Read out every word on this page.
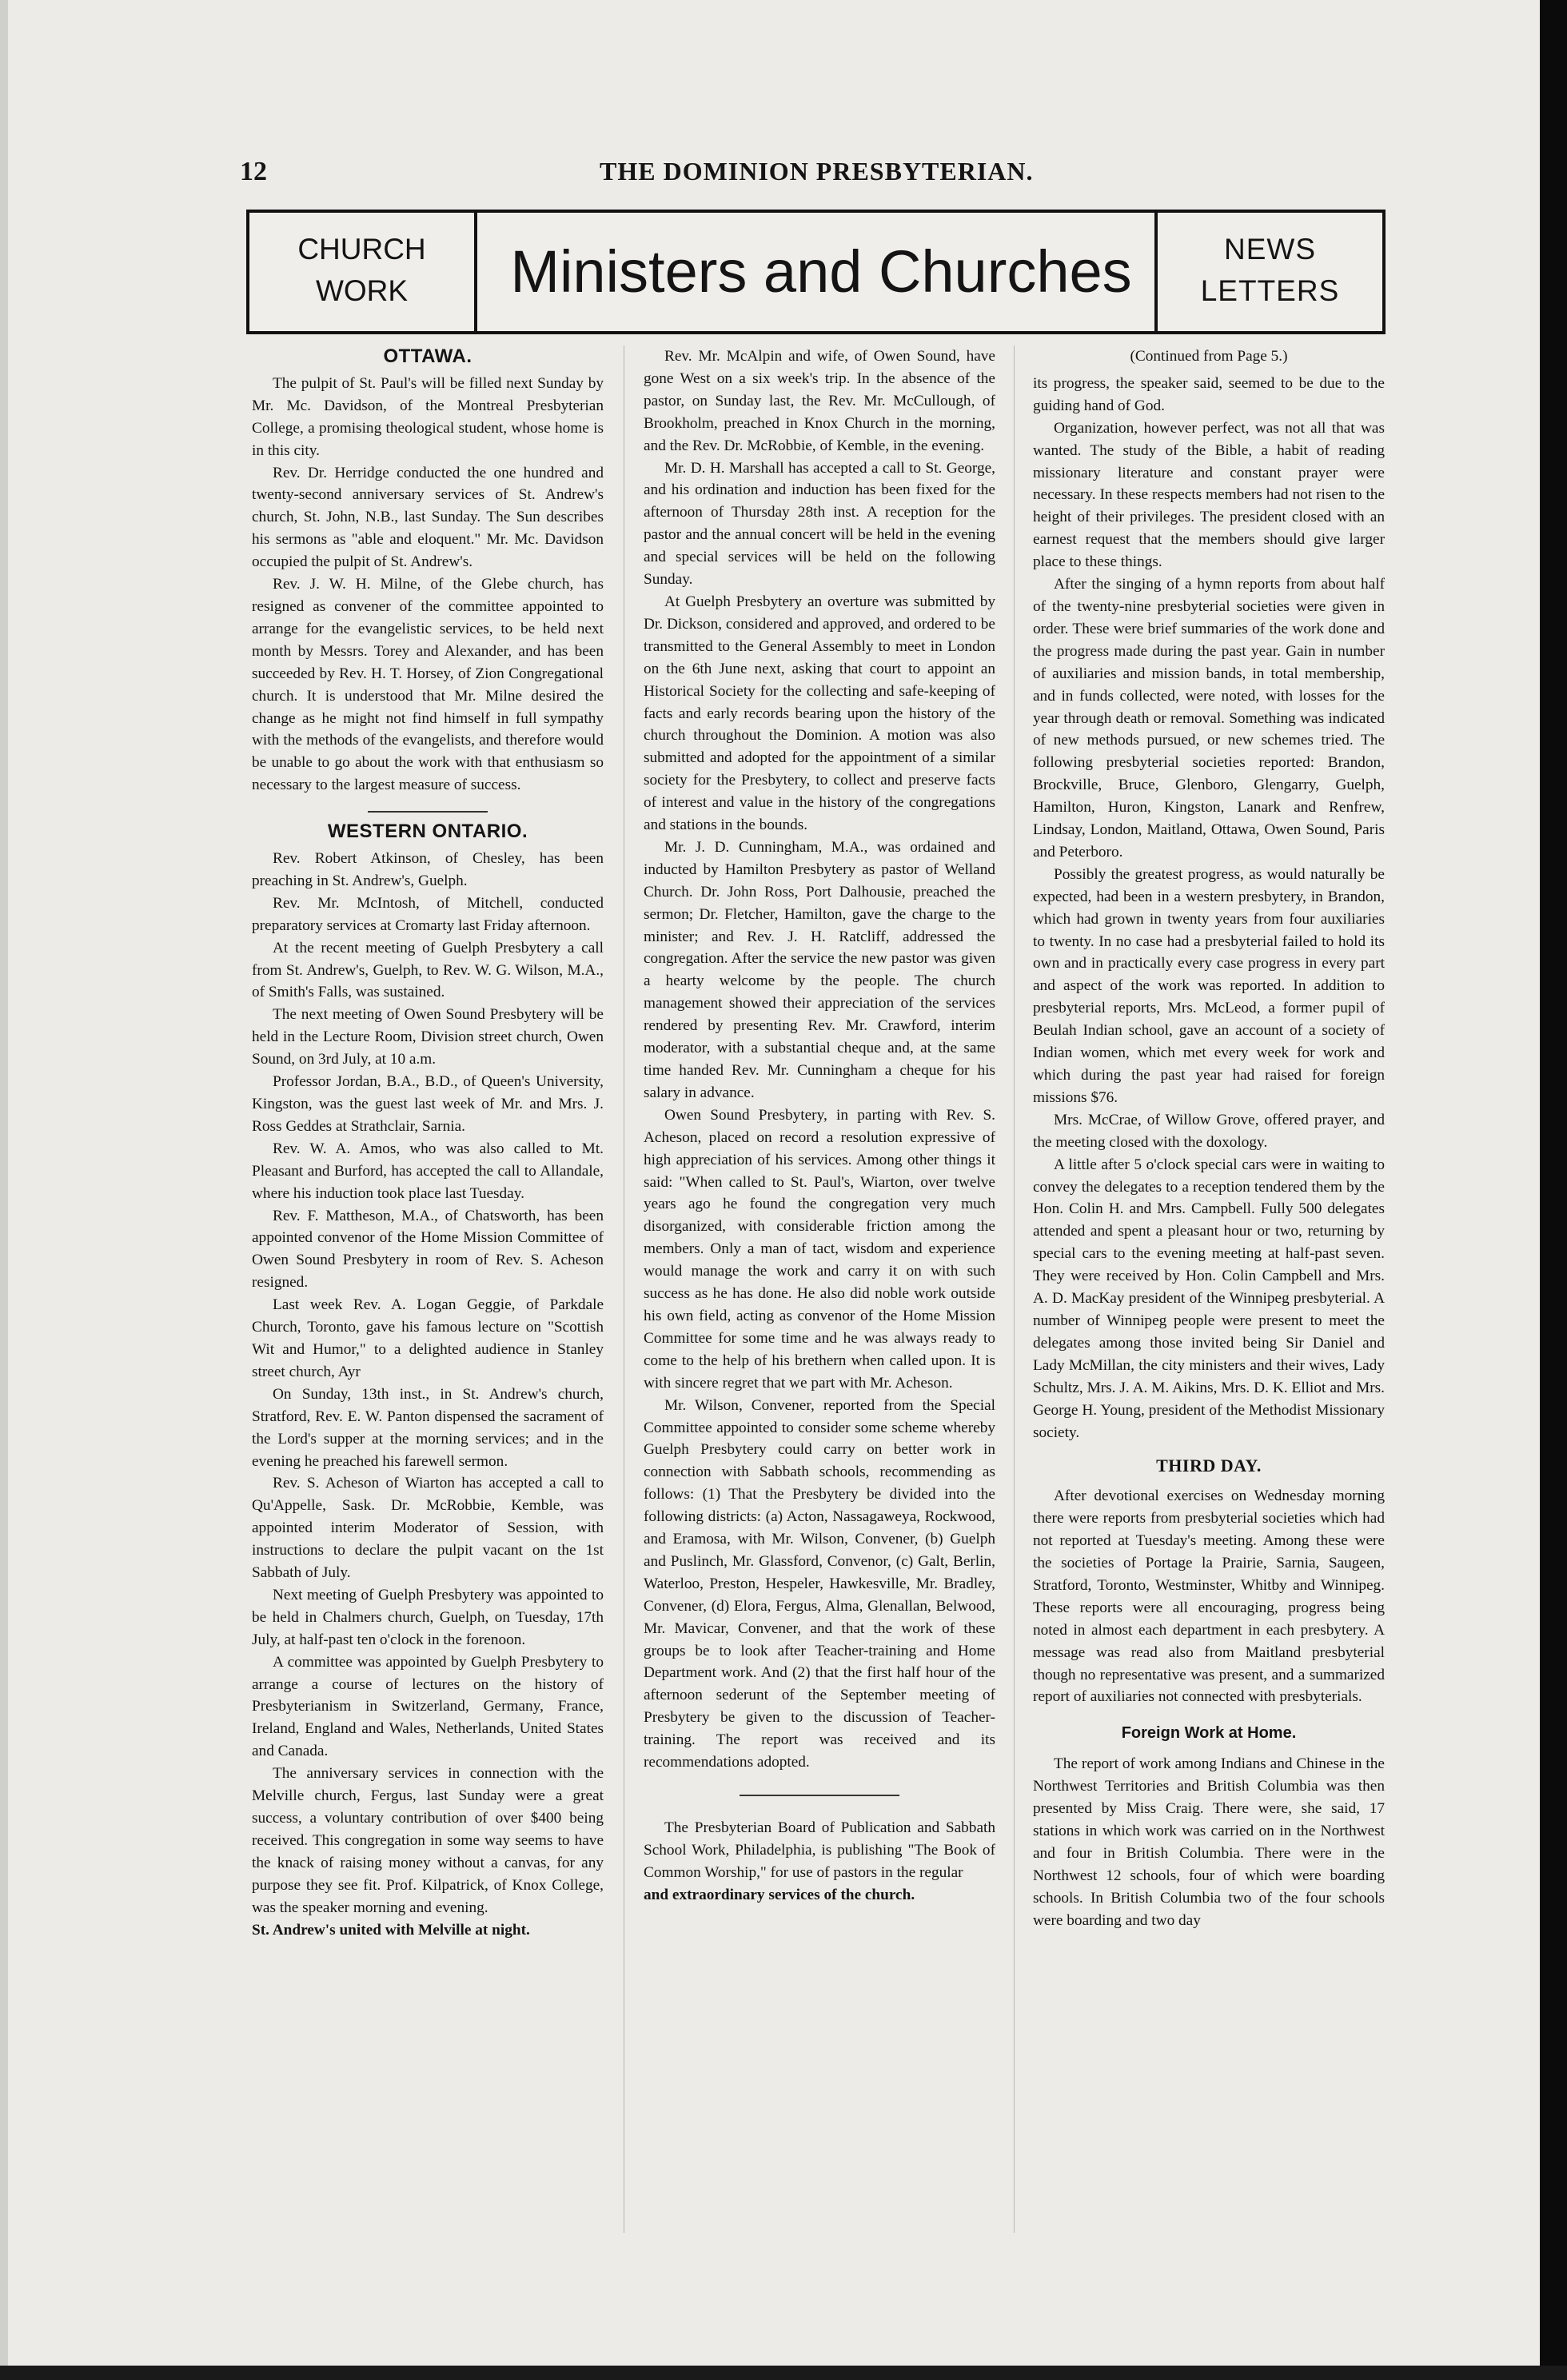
12	THE DOMINION PRESBYTERIAN.
CHURCH
WORK	Ministers and Churches	NEWS
LETTERS
OTTAWA.

The pulpit of St. Paul's will be filled next Sunday by Mr. Mc. Davidson, of the Montreal Presbyterian College, a promising theological student, whose home is in this city.

Rev. Dr. Herridge conducted the one hundred and twenty-second anniversary services of St. Andrew's church, St. John, N.B., last Sunday. The Sun describes his sermons as "able and eloquent." Mr. Mc. Davidson occupied the pulpit of St. Andrew's.

Rev. J. W. H. Milne, of the Glebe church, has resigned as convener of the committee appointed to arrange for the evangelistic services, to be held next month by Messrs. Torey and Alexander, and has been succeeded by Rev. H. T. Horsey, of Zion Congregational church. It is understood that Mr. Milne desired the change as he might not find himself in full sympathy with the methods of the evangelists, and therefore would be unable to go about the work with that enthusiasm so necessary to the largest measure of success.

WESTERN ONTARIO.

Rev. Robert Atkinson, of Chesley, has been preaching in St. Andrew's, Guelph.

Rev. Mr. McIntosh, of Mitchell, conducted preparatory services at Cromarty last Friday afternoon.

At the recent meeting of Guelph Presbytery a call from St. Andrew's, Guelph, to Rev. W. G. Wilson, M.A., of Smith's Falls, was sustained.

The next meeting of Owen Sound Presbytery will be held in the Lecture Room, Division street church, Owen Sound, on 3rd July, at 10 a.m.

Professor Jordan, B.A., B.D., of Queen's University, Kingston, was the guest last week of Mr. and Mrs. J. Ross Geddes at Strathclair, Sarnia.

Rev. W. A. Amos, who was also called to Mt. Pleasant and Burford, has accepted the call to Allandale, where his induction took place last Tuesday.

Rev. F. Mattheson, M.A., of Chatsworth, has been appointed convenor of the Home Mission Committee of Owen Sound Presbytery in room of Rev. S. Acheson resigned.

Last week Rev. A. Logan Geggie, of Parkdale Church, Toronto, gave his famous lecture on "Scottish Wit and Humor," to a delighted audience in Stanley street church, Ayr

On Sunday, 13th inst., in St. Andrew's church, Stratford, Rev. E. W. Panton dispensed the sacrament of the Lord's supper at the morning services; and in the evening he preached his farewell sermon.

Rev. S. Acheson of Wiarton has accepted a call to Qu'Appelle, Sask. Dr. McRobbie, Kemble, was appointed interim Moderator of Session, with instructions to declare the pulpit vacant on the 1st Sabbath of July.

Next meeting of Guelph Presbytery was appointed to be held in Chalmers church, Guelph, on Tuesday, 17th July, at half-past ten o'clock in the forenoon.

A committee was appointed by Guelph Presbytery to arrange a course of lectures on the history of Presbyterianism in Switzerland, Germany, France, Ireland, England and Wales, Netherlands, United States and Canada.

The anniversary services in connection with the Melville church, Fergus, last Sunday were a great success, a voluntary contribution of over $400 being received. This congregation in some way seems to have the knack of raising money without a canvas, for any purpose they see fit. Prof. Kilpatrick, of Knox College, was the speaker morning and evening.

St. Andrew's united with Melville at night.

Rev. Mr. McAlpin and wife, of Owen Sound, have gone West on a six week's trip. In the absence of the pastor, on Sunday last, the Rev. Mr. McCullough, of Brookholm, preached in Knox Church in the morning, and the Rev. Dr. McRobbie, of Kemble, in the evening.

Mr. D. H. Marshall has accepted a call to St. George, and his ordination and induction has been fixed for the afternoon of Thursday 28th inst. A reception for the pastor and the annual concert will be held in the evening and special services will be held on the following Sunday.

At Guelph Presbytery an overture was submitted by Dr. Dickson, considered and approved, and ordered to be transmitted to the General Assembly to meet in London on the 6th June next, asking that court to appoint an Historical Society for the collecting and safe-keeping of facts and early records bearing upon the history of the church throughout the Dominion. A motion was also submitted and adopted for the appointment of a similar society for the Presbytery, to collect and preserve facts of interest and value in the history of the congregations and stations in the bounds.

Mr. J. D. Cunningham, M.A., was ordained and inducted by Hamilton Presbytery as pastor of Welland Church. Dr. John Ross, Port Dalhousie, preached the sermon; Dr. Fletcher, Hamilton, gave the charge to the minister; and Rev. J. H. Ratcliff, addressed the congregation. After the service the new pastor was given a hearty welcome by the people. The church management showed their appreciation of the services rendered by presenting Rev. Mr. Crawford, interim moderator, with a substantial cheque and, at the same time handed Rev. Mr. Cunningham a cheque for his salary in advance.

Owen Sound Presbytery, in parting with Rev. S. Acheson, placed on record a resolution expressive of high appreciation of his services. Among other things it said: "When called to St. Paul's, Wiarton, over twelve years ago he found the congregation very much disorganized, with considerable friction among the members. Only a man of tact, wisdom and experience would manage the work and carry it on with such success as he has done. He also did noble work outside his own field, acting as convenor of the Home Mission Committee for some time and he was always ready to come to the help of his brethern when called upon. It is with sincere regret that we part with Mr. Acheson.

Mr. Wilson, Convener, reported from the Special Committee appointed to consider some scheme whereby Guelph Presbytery could carry on better work in connection with Sabbath schools, recommending as follows: (1) That the Presbytery be divided into the following districts: (a) Acton, Nassagaweya, Rockwood, and Eramosa, with Mr. Wilson, Convener, (b) Guelph and Puslinch, Mr. Glassford, Convenor, (c) Galt, Berlin, Waterloo, Preston, Hespeler, Hawkesville, Mr. Bradley, Convener, (d) Elora, Fergus, Alma, Glenallan, Belwood, Mr. Mavicar, Convener, and that the work of these groups be to look after Teacher-training and Home Department work. And (2) that the first half hour of the afternoon sederunt of the September meeting of Presbytery be given to the discussion of Teacher-training. The report was received and its recommendations adopted.

The Presbyterian Board of Publication and Sabbath School Work, Philadelphia, is publishing "The Book of Common Worship," for use of pastors in the regular

and extraordinary services of the church.

(Continued from Page 5.)

its progress, the speaker said, seemed to be due to the guiding hand of God.

Organization, however perfect, was not all that was wanted. The study of the Bible, a habit of reading missionary literature and constant prayer were necessary. In these respects members had not risen to the height of their privileges. The president closed with an earnest request that the members should give larger place to these things.

After the singing of a hymn reports from about half of the twenty-nine presbyterial societies were given in order. These were brief summaries of the work done and the progress made during the past year. Gain in number of auxiliaries and mission bands, in total membership, and in funds collected, were noted, with losses for the year through death or removal. Something was indicated of new methods pursued, or new schemes tried. The following presbyterial societies reported: Brandon, Brockville, Bruce, Glenboro, Glengarry, Guelph, Hamilton, Huron, Kingston, Lanark and Renfrew, Lindsay, London, Maitland, Ottawa, Owen Sound, Paris and Peterboro.

Possibly the greatest progress, as would naturally be expected, had been in a western presbytery, in Brandon, which had grown in twenty years from four auxiliaries to twenty. In no case had a presbyterial failed to hold its own and in practically every case progress in every part and aspect of the work was reported. In addition to presbyterial reports, Mrs. McLeod, a former pupil of Beulah Indian school, gave an account of a society of Indian women, which met every week for work and which during the past year had raised for foreign missions $76.

Mrs. McCrae, of Willow Grove, offered prayer, and the meeting closed with the doxology.

A little after 5 o'clock special cars were in waiting to convey the delegates to a reception tendered them by the Hon. Colin H. and Mrs. Campbell. Fully 500 delegates attended and spent a pleasant hour or two, returning by special cars to the evening meeting at half-past seven. They were received by Hon. Colin Campbell and Mrs. A. D. MacKay president of the Winnipeg presbyterial. A number of Winnipeg people were present to meet the delegates among those invited being Sir Daniel and Lady McMillan, the city ministers and their wives, Lady Schultz, Mrs. J. A. M. Aikins, Mrs. D. K. Elliot and Mrs. George H. Young, president of the Methodist Missionary society.

THIRD DAY.

After devotional exercises on Wednesday morning there were reports from presbyterial societies which had not reported at Tuesday's meeting. Among these were the societies of Portage la Prairie, Sarnia, Saugeen, Stratford, Toronto, Westminster, Whitby and Winnipeg. These reports were all encouraging, progress being noted in almost each department in each presbytery. A message was read also from Maitland presbyterial though no representative was present, and a summarized report of auxiliaries not connected with presbyterials.

Foreign Work at Home.

The report of work among Indians and Chinese in the Northwest Territories and British Columbia was then presented by Miss Craig. There were, she said, 17 stations in which work was carried on in the Northwest and four in British Columbia. There were in the Northwest 12 schools, four of which were boarding schools. In British Columbia two of the four schools were boarding and two day
